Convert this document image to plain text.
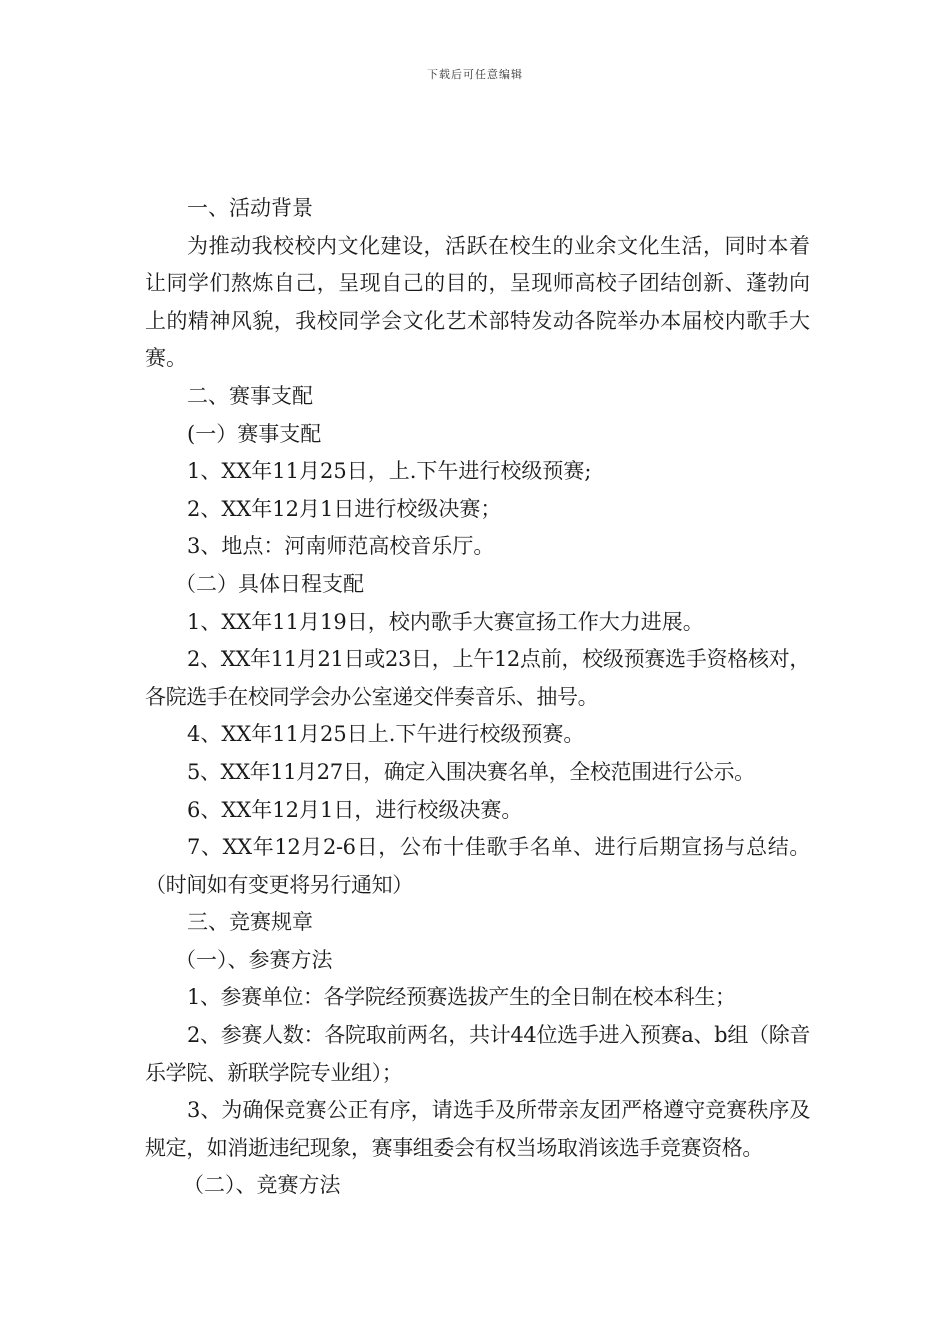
下载后可任意编辑

一、活动背景

为推动我校校内文化建设，活跃在校生的业余文化生活，同时本着让同学们熬炼自己，呈现自己的目的，呈现师高校子团结创新、蓬勃向上的精神风貌，我校同学会文化艺术部特发动各院举办本届校内歌手大赛。

二、赛事支配

(一）赛事支配

1、XX年11月25日，上.下午进行校级预赛;

2、XX年12月1日进行校级决赛；

3、地点：河南师范高校音乐厅。

（二）具体日程支配

1、XX年11月19日，校内歌手大赛宣扬工作大力进展。

2、XX年11月21日或23日，上午12点前，校级预赛选手资格核对，各院选手在校同学会办公室递交伴奏音乐、抽号。

4、XX年11月25日上.下午进行校级预赛。

5、XX年11月27日，确定入围决赛名单，全校范围进行公示。

6、XX年12月1日，进行校级决赛。

7、XX年12月2-6日，公布十佳歌手名单、进行后期宣扬与总结。（时间如有变更将另行通知）

三、竞赛规章

（一）、参赛方法

1、参赛单位：各学院经预赛选拔产生的全日制在校本科生；

2、参赛人数：各院取前两名，共计44位选手进入预赛a、b组（除音乐学院、新联学院专业组）；

3、为确保竞赛公正有序，请选手及所带亲友团严格遵守竞赛秩序及规定，如消逝违纪现象，赛事组委会有权当场取消该选手竞赛资格。

（二）、竞赛方法
